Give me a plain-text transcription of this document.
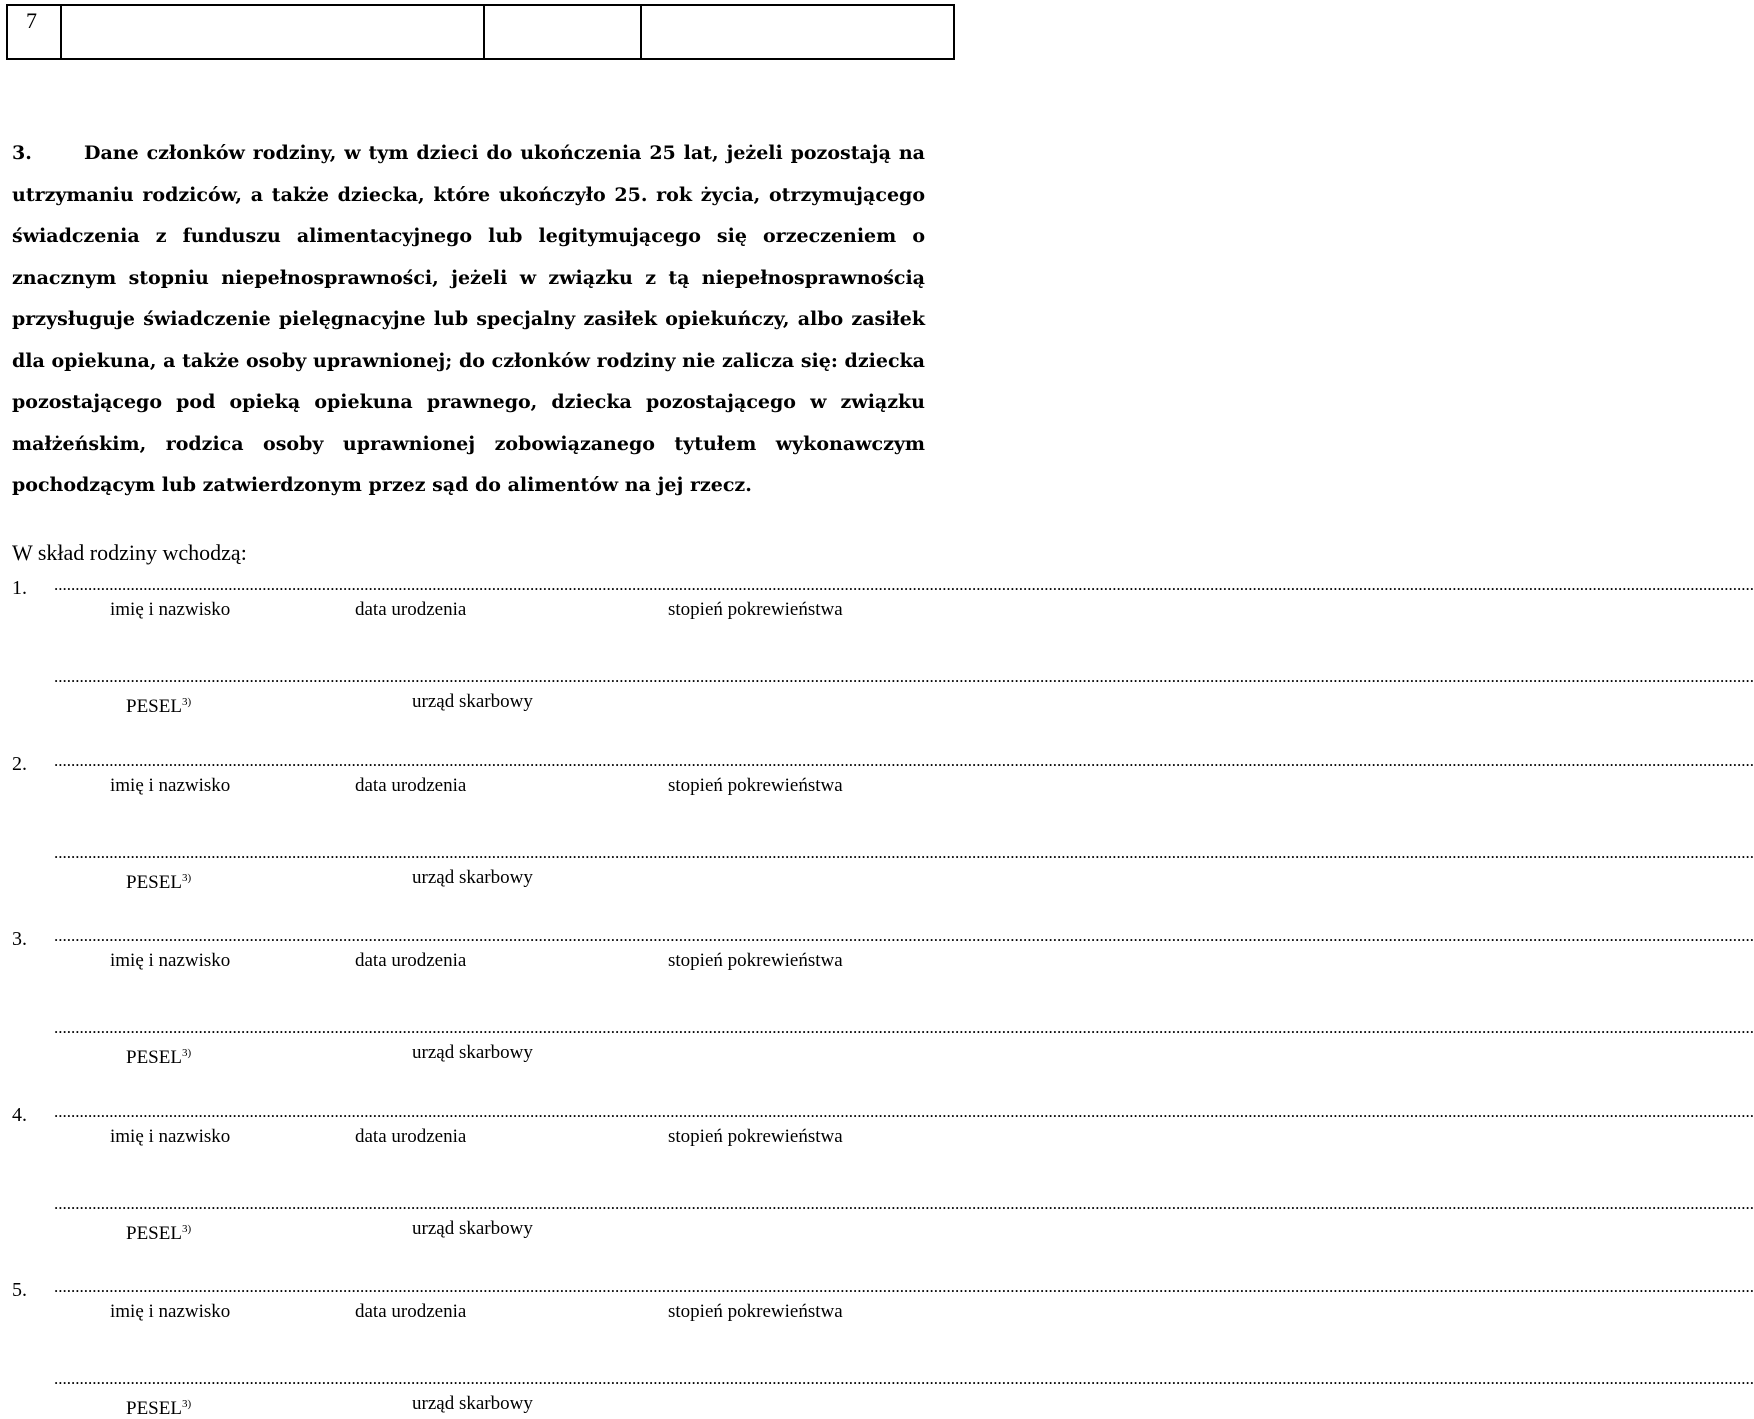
7
3.	Dane członków rodziny, w tym dzieci do ukończenia 25 lat, jeżeli pozostają na utrzymaniu rodziców, a także dziecka, które ukończyło 25. rok życia, otrzymującego świadczenia z funduszu alimentacyjnego lub legitymującego się orzeczeniem o znacznym stopniu niepełnosprawności, jeżeli w związku z tą niepełnosprawnością przysługuje świadczenie pielęgnacyjne lub specjalny zasiłek opiekuńczy, albo zasiłek dla opiekuna, a także osoby uprawnionej; do członków rodziny nie zalicza się: dziecka pozostającego pod opieką opiekuna prawnego, dziecka pozostającego w związku małżeńskim, rodzica osoby uprawnionej zobowiązanego tytułem wykonawczym pochodzącym lub zatwierdzonym przez sąd do alimentów na jej rzecz.
W skład rodziny wchodzą:
1. ................................................................................................................................................................................................................................................................................................................................................................................................................
imię i nazwisko	data urodzenia	stopień pokrewieństwa
................................................................................................................................................................................................................................................................................................................................................................................................................
PESEL$^{3)}$	urząd skarbowy
2. ................................................................................................................................................................................................................................................................................................................................................................................................................
imię i nazwisko	data urodzenia	stopień pokrewieństwa
................................................................................................................................................................................................................................................................................................................................................................................................................
PESEL$^{3)}$	urząd skarbowy
3. ................................................................................................................................................................................................................................................................................................................................................................................................................
imię i nazwisko	data urodzenia	stopień pokrewieństwa
................................................................................................................................................................................................................................................................................................................................................................................................................
PESEL$^{3)}$	urząd skarbowy
4. ................................................................................................................................................................................................................................................................................................................................................................................................................
imię i nazwisko	data urodzenia	stopień pokrewieństwa
................................................................................................................................................................................................................................................................................................................................................................................................................
PESEL$^{3)}$	urząd skarbowy
5. ................................................................................................................................................................................................................................................................................................................................................................................................................
imię i nazwisko	data urodzenia	stopień pokrewieństwa
................................................................................................................................................................................................................................................................................................................................................................................................................
PESEL$^{3)}$	urząd skarbowy
